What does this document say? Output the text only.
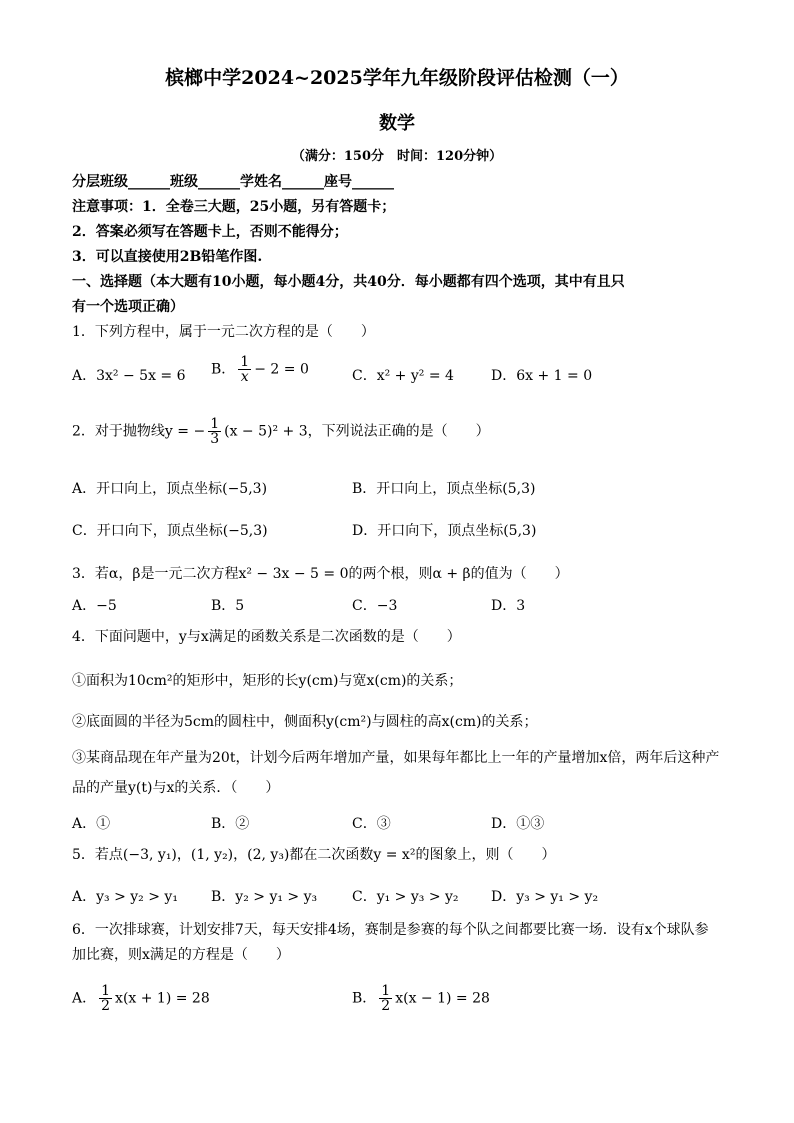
槟榔中学2024~2025学年九年级阶段评估检测（一）
数学
（满分：150分　时间：120分钟）
分层班级______班级______学姓名______座号______
注意事项：1．全卷三大题，25小题，另有答题卡；
2．答案必须写在答题卡上，否则不能得分；
3．可以直接使用2B铅笔作图.
一、选择题（本大题有10小题，每小题4分，共40分．每小题都有四个选项，其中有且只
有一个选项正确）
1．下列方程中，属于一元二次方程的是（　　）
A．3x² − 5x = 6 B． $\frac{1}{x} - 2 = 0$	C．x² + y² = 4	D．6x + 1 = 0
2．对于抛物线y = − $\frac{1}{3} (x - 5)^2 + 3$，下列说法正确的是（　　）
A．开口向上，顶点坐标(−5,3)	B．开口向上，顶点坐标(5,3)
C．开口向下，顶点坐标(−5,3)	D．开口向下，顶点坐标(5,3)
3．若α，β是一元二次方程x² − 3x − 5 = 0的两个根，则α + β的值为（　　）
A．−5	B．5	C．−3	D．3
4．下面问题中，y与x满足的函数关系是二次函数的是（　　）
①面积为10cm²的矩形中，矩形的长y(cm)与宽x(cm)的关系；
②底面圆的半径为5cm的圆柱中，侧面积y(cm²)与圆柱的高x(cm)的关系；
③某商品现在年产量为20t，计划今后两年增加产量，如果每年都比上一年的产量增加x倍，两年后这种产
品的产量y(t)与x的关系．（　　）
A．①	B．②	C．③	D．①③
5．若点(−3, y₁)，(1, y₂)，(2, y₃)都在二次函数y = x²的图象上，则（　　）
A．y₃ > y₂ > y₁ B．y₂ > y₁ > y₃ C．y₁ > y₃ > y₂ D．y₃ > y₁ > y₂
6．一次排球赛，计划安排7天，每天安排4场，赛制是参赛的每个队之间都要比赛一场．设有x个球队参
加比赛，则x满足的方程是（　　）
A． $\frac{1}{2} x(x + 1) = 28$	B． $\frac{1}{2} x(x - 1) = 28$
